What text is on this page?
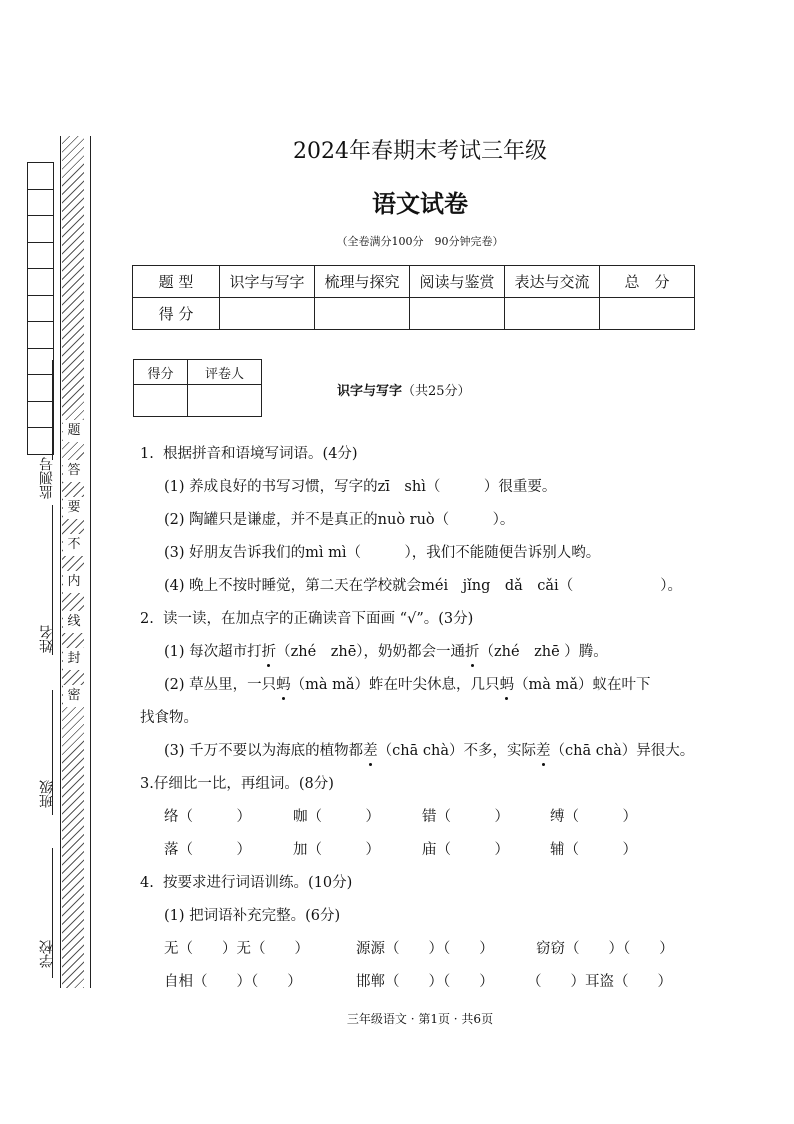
监测号
姓名
班级
学校
题
答
要
不
内
线
封
密
2024年春期末考试三年级
语文试卷
（全卷满分100分　90分钟完卷）
题 型	识字与写字	梳理与探究	阅读与鉴赏	表达与交流	总　分
得 分					
得分	评卷人

识字与写字（共25分）
1.  根据拼音和语境写词语。(4分)
(1) 养成良好的书写习惯，写字的zī　shì（　　　）很重要。
(2) 陶罐只是谦虚，并不是真正的nuò ruò（　　　）。
(3) 好朋友告诉我们的mì mì（　　　），我们不能随便告诉别人哟。
(4) 晚上不按时睡觉，第二天在学校就会méi　jǐng　dǎ　cǎi（　　　　　　）。
2.  读一读，在加点字的正确读音下面画 “√”。(3分)
(1) 每次超市打折（zhé　zhē），奶奶都会一通折（zhé　zhē ）腾。
(2) 草丛里，一只蚂（mà mǎ）蚱在叶尖休息，几只蚂（mà mǎ）蚁在叶下
找食物。
(3) 千万不要以为海底的植物都差（chā chà）不多，实际差（chā chà）异很大。
3.仔细比一比，再组词。(8分)
络（　　　）	咖（　　　）	错（　　　）	缚（　　　）
落（　　　）	加（　　　）	庙（　　　）	辅（　　　）
4.  按要求进行词语训练。(10分)
(1) 把词语补充完整。(6分)
无（　　）无（　　）	源源（　　）（　　）	窃窃（　　）（　　）
自相（　　）（　　）	邯郸（　　）（　　） （　　）耳盗（　　）
三年级语文 · 第1页 · 共6页
